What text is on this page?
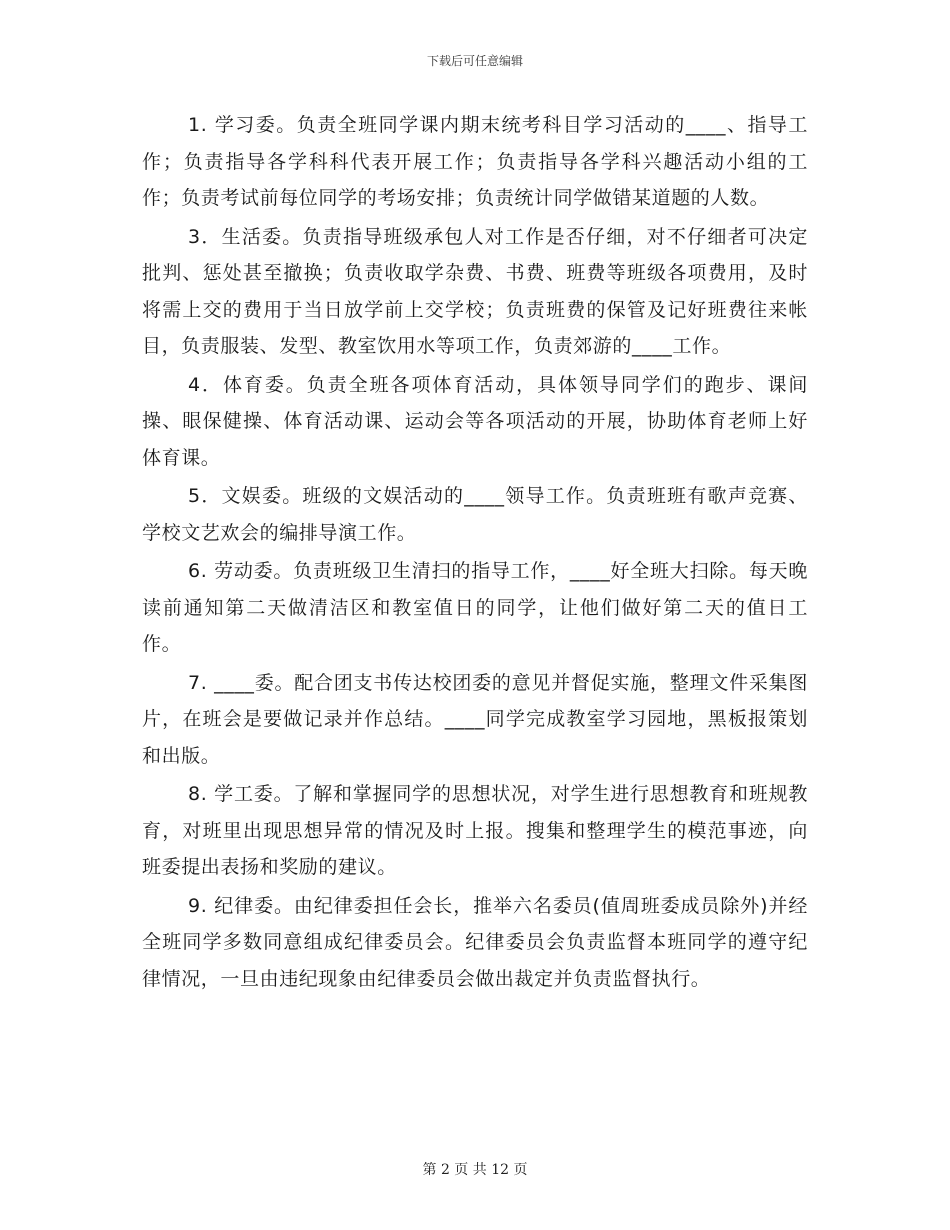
下载后可任意编辑

1. 学习委。负责全班同学课内期末统考科目学习活动的____、指导工作；负责指导各学科科代表开展工作；负责指导各学科兴趣活动小组的工作；负责考试前每位同学的考场安排；负责统计同学做错某道题的人数。

3．生活委。负责指导班级承包人对工作是否仔细，对不仔细者可决定批判、惩处甚至撤换；负责收取学杂费、书费、班费等班级各项费用，及时将需上交的费用于当日放学前上交学校；负责班费的保管及记好班费往来帐目，负责服装、发型、教室饮用水等项工作，负责郊游的____工作。

4．体育委。负责全班各项体育活动，具体领导同学们的跑步、课间操、眼保健操、体育活动课、运动会等各项活动的开展，协助体育老师上好体育课。

5．文娱委。班级的文娱活动的____领导工作。负责班班有歌声竞赛、学校文艺欢会的编排导演工作。

6. 劳动委。负责班级卫生清扫的指导工作，____好全班大扫除。每天晚读前通知第二天做清洁区和教室值日的同学，让他们做好第二天的值日工作。

7. ____委。配合团支书传达校团委的意见并督促实施，整理文件采集图片，在班会是要做记录并作总结。____同学完成教室学习园地，黑板报策划和出版。

8. 学工委。了解和掌握同学的思想状况，对学生进行思想教育和班规教育，对班里出现思想异常的情况及时上报。搜集和整理学生的模范事迹，向班委提出表扬和奖励的建议。

9. 纪律委。由纪律委担任会长，推举六名委员(值周班委成员除外)并经全班同学多数同意组成纪律委员会。纪律委员会负责监督本班同学的遵守纪律情况，一旦由违纪现象由纪律委员会做出裁定并负责监督执行。

第 2 页 共 12 页
